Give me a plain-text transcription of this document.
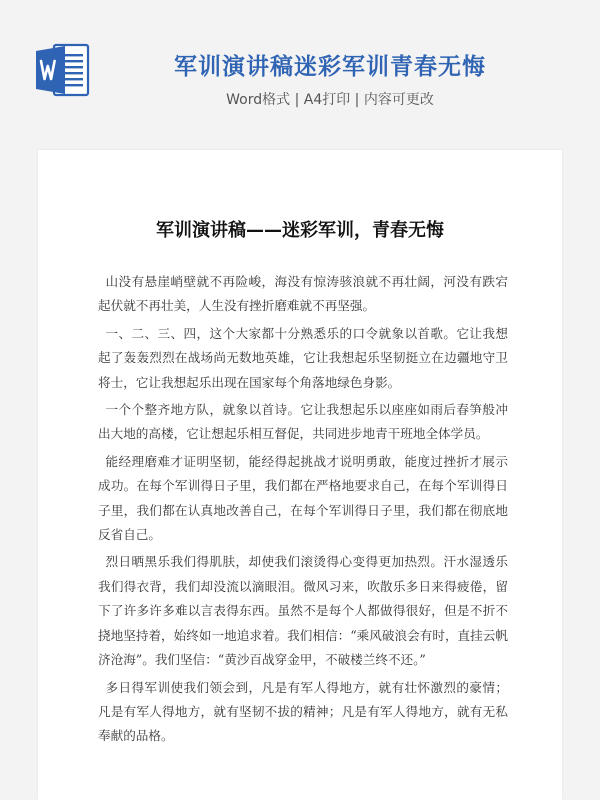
军训演讲稿迷彩军训青春无悔
Word格式 | A4打印 | 内容可更改
军训演讲稿——迷彩军训，青春无悔

山没有悬崖峭壁就不再险峻，海没有惊涛骇浪就不再壮阔，河没有跌宕起伏就不再壮美，人生没有挫折磨难就不再坚强。

一、二、三、四，这个大家都十分熟悉乐的口令就象以首歌。它让我想起了轰轰烈烈在战场尚无数地英雄，它让我想起乐坚韧挺立在边疆地守卫将士，它让我想起乐出现在国家每个角落地绿色身影。

一个个整齐地方队，就象以首诗。它让我想起乐以座座如雨后春笋般冲出大地的高楼，它让想起乐相互督促，共同进步地青干班地全体学员。

能经理磨难才证明坚韧，能经得起挑战才说明勇敢，能度过挫折才展示成功。在每个军训得日子里，我们都在严格地要求自己，在每个军训得日子里，我们都在认真地改善自己，在每个军训得日子里，我们都在彻底地反省自己。

烈日晒黑乐我们得肌肤，却使我们滚烫得心变得更加热烈。汗水湿透乐我们得衣背，我们却没流以滴眼泪。微风习来，吹散乐多日来得疲倦，留下了许多许多难以言表得东西。虽然不是每个人都做得很好，但是不折不挠地坚持着，始终如一地追求着。我们相信：“乘风破浪会有时，直挂云帆济沧海”。我们坚信：“黄沙百战穿金甲，不破楼兰终不还。”

多日得军训使我们领会到，凡是有军人得地方，就有壮怀激烈的豪情；凡是有军人得地方，就有坚韧不拔的精神；凡是有军人得地方，就有无私奉献的品格。
